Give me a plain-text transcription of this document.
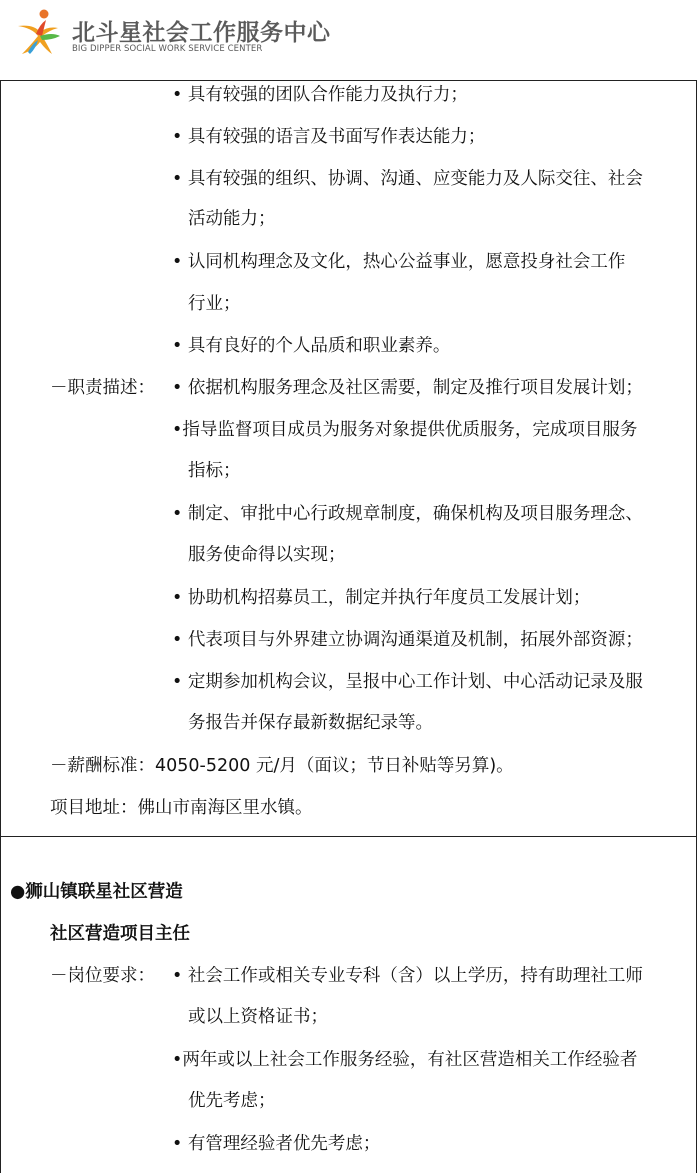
北斗星社会工作服务中心
BIG DIPPER SOCIAL WORK SERVICE CENTER
• 具有较强的团队合作能力及执行力；
• 具有较强的语言及书面写作表达能力；
• 具有较强的组织、协调、沟通、应变能力及人际交往、社会
活动能力；
• 认同机构理念及文化，热心公益事业，愿意投身社会工作
行业；
• 具有良好的个人品质和职业素养。
－职责描述： • 依据机构服务理念及社区需要，制定及推行项目发展计划；
•指导监督项目成员为服务对象提供优质服务，完成项目服务
指标；
• 制定、审批中心行政规章制度，确保机构及项目服务理念、
服务使命得以实现；
• 协助机构招募员工，制定并执行年度员工发展计划；
• 代表项目与外界建立协调沟通渠道及机制，拓展外部资源；
• 定期参加机构会议，呈报中心工作计划、中心活动记录及服
务报告并保存最新数据纪录等。
－薪酬标准：4050-5200 元/月（面议；节日补贴等另算)。
项目地址：佛山市南海区里水镇。
●狮山镇联星社区营造
社区营造项目主任
－岗位要求： • 社会工作或相关专业专科（含）以上学历，持有助理社工师
或以上资格证书；
•两年或以上社会工作服务经验，有社区营造相关工作经验者
优先考虑；
• 有管理经验者优先考虑；
